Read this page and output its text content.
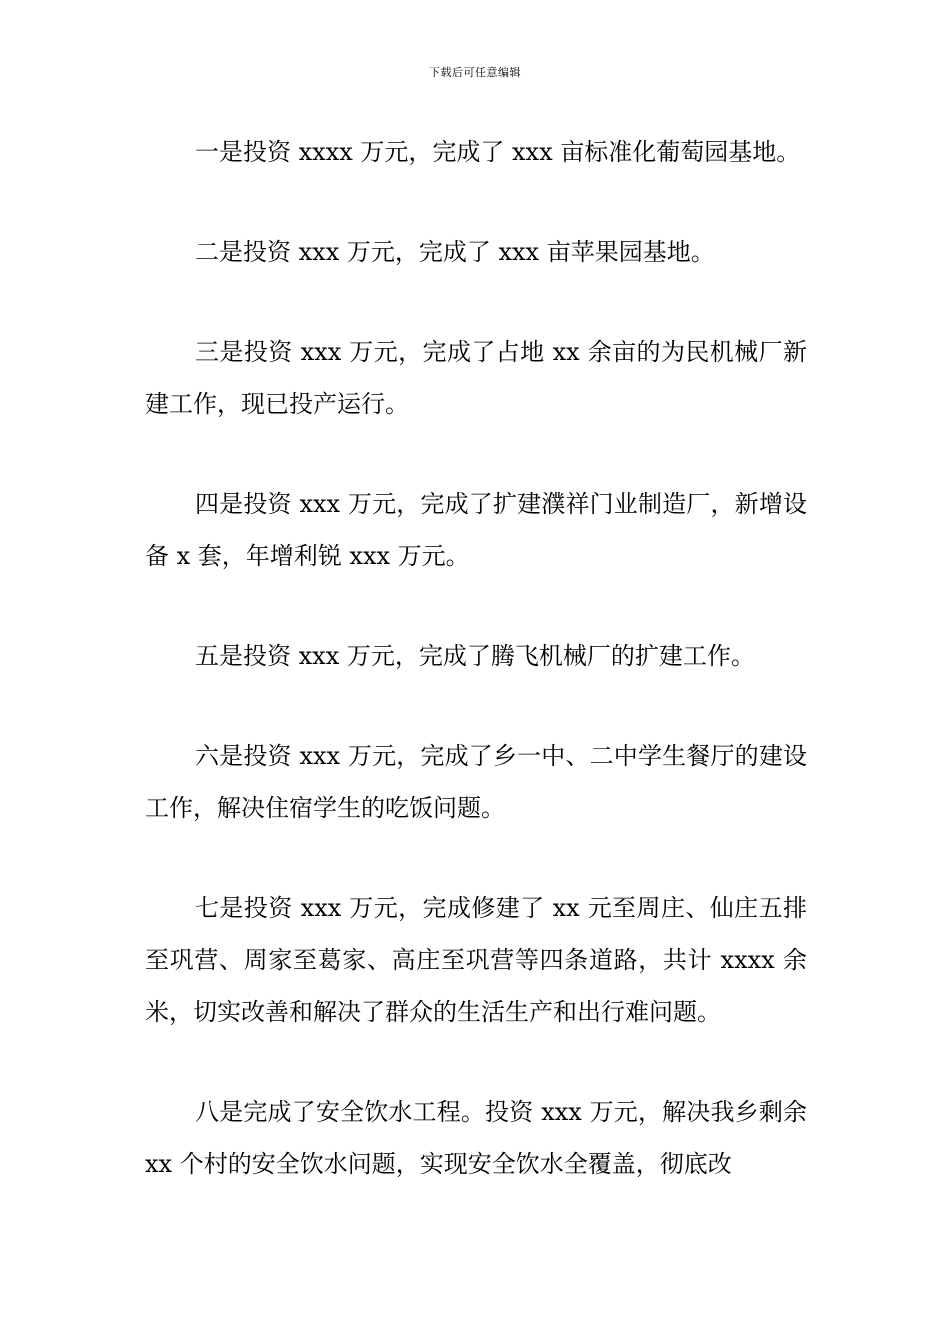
下载后可任意编辑

一是投资 xxxx 万元，完成了 xxx 亩标准化葡萄园基地。

二是投资 xxx 万元，完成了 xxx 亩苹果园基地。

三是投资 xxx 万元，完成了占地 xx 余亩的为民机械厂新建工作，现已投产运行。

四是投资 xxx 万元，完成了扩建濮祥门业制造厂，新增设备 x 套，年增利锐 xxx 万元。

五是投资 xxx 万元，完成了腾飞机械厂的扩建工作。

六是投资 xxx 万元，完成了乡一中、二中学生餐厅的建设工作，解决住宿学生的吃饭问题。

七是投资 xxx 万元，完成修建了 xx 元至周庄、仙庄五排至巩营、周家至葛家、高庄至巩营等四条道路，共计 xxxx 余米，切实改善和解决了群众的生活生产和出行难问题。

八是完成了安全饮水工程。投资 xxx 万元，解决我乡剩余 xx 个村的安全饮水问题，实现安全饮水全覆盖，彻底改
